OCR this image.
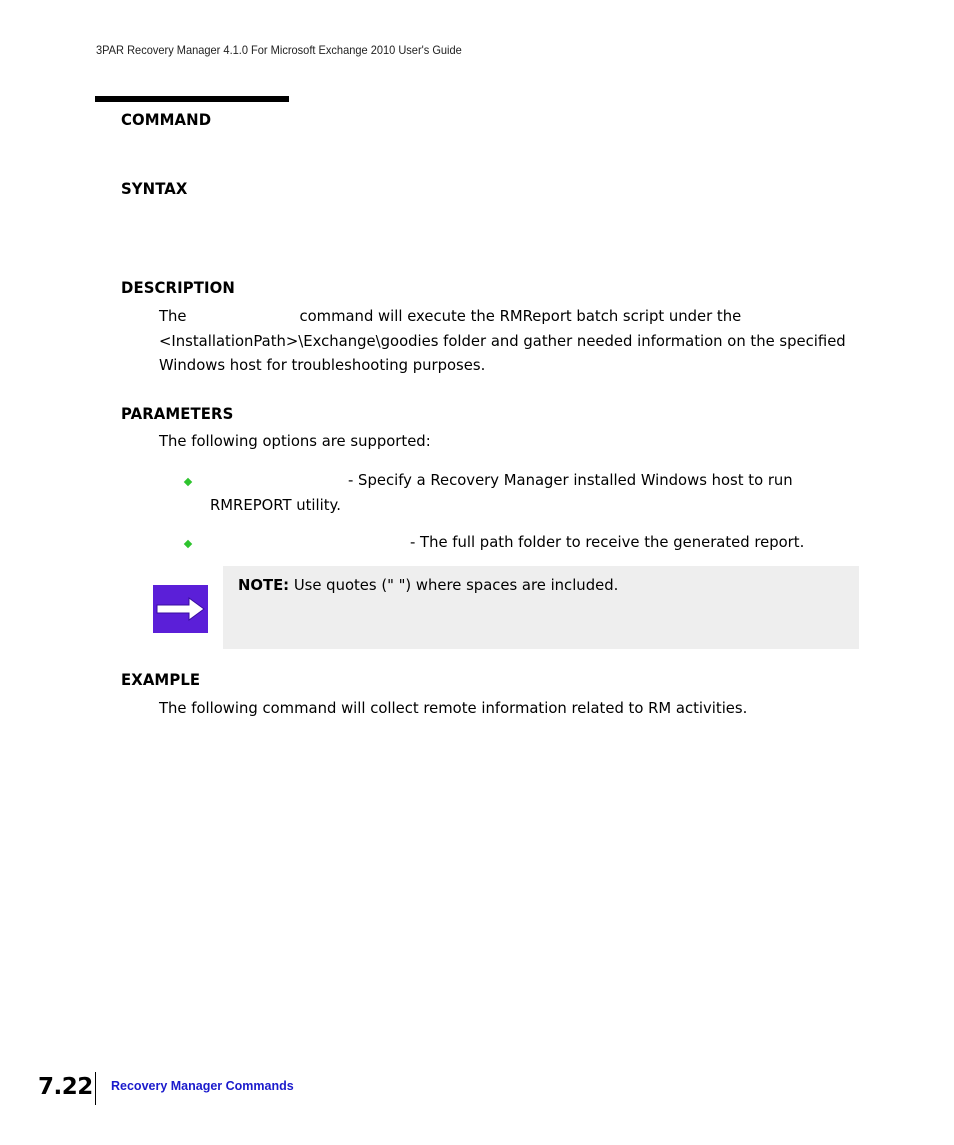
3PAR Recovery Manager 4.1.0 For Microsoft Exchange 2010 User's Guide
COMMAND
SYNTAX
DESCRIPTION
The                        command will execute the RMReport batch script under the
<InstallationPath>\Exchange\goodies folder and gather needed information on the specified
Windows host for troubleshooting purposes.
PARAMETERS
The following options are supported:
- Specify a Recovery Manager installed Windows host to run
RMREPORT utility.
- The full path folder to receive the generated report.
NOTE: Use quotes (" ") where spaces are included.
EXAMPLE
The following command will collect remote information related to RM activities.
7.22 Recovery Manager Commands
